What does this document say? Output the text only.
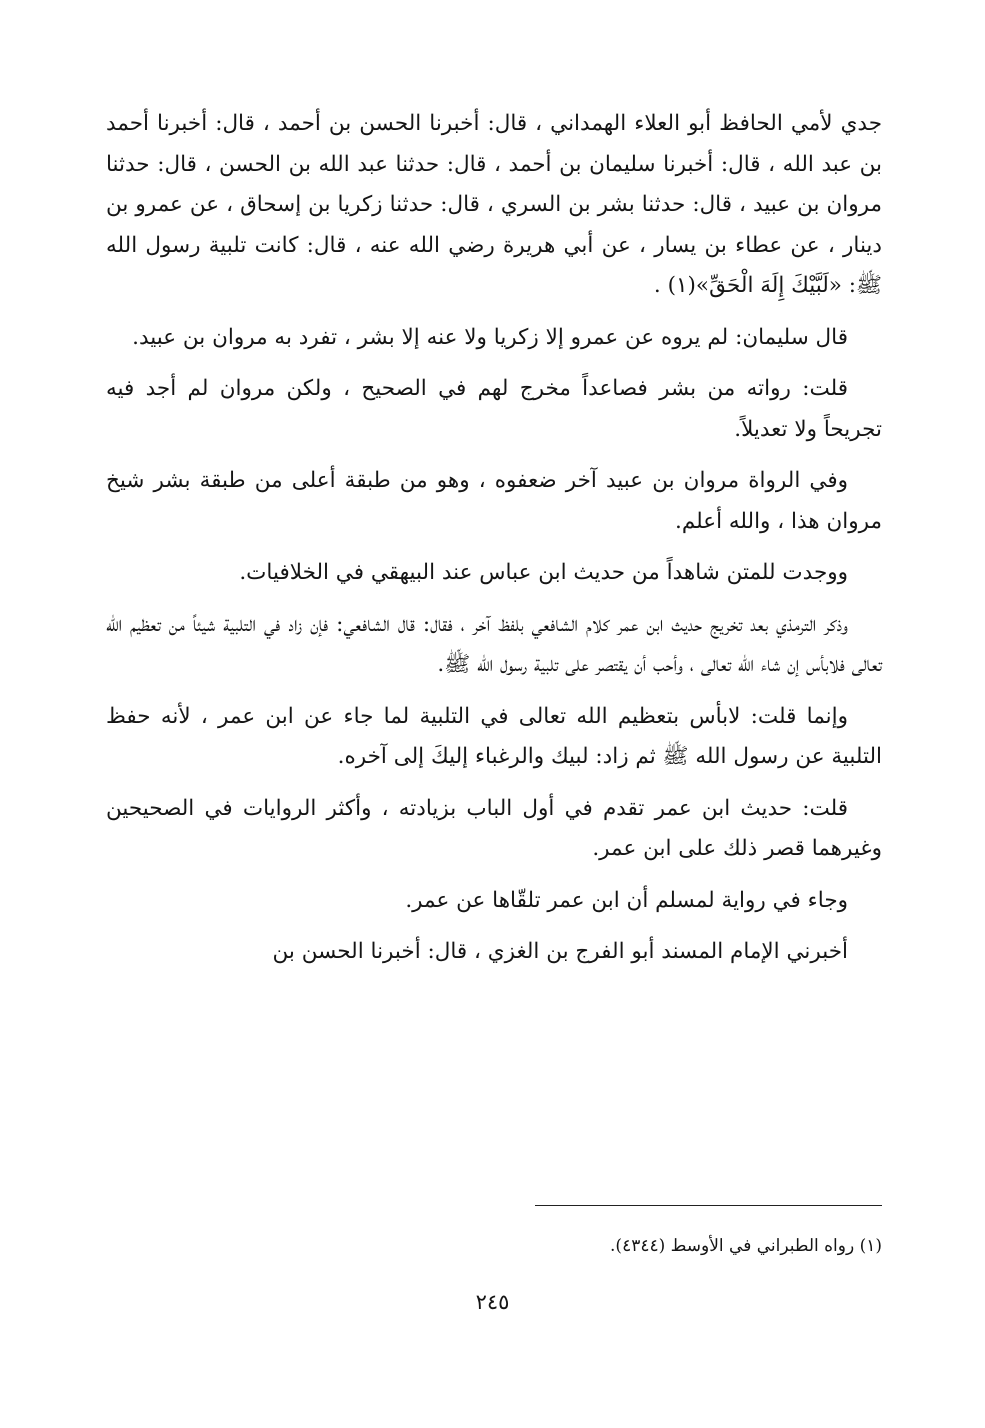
جدي لأمي الحافظ أبو العلاء الهمداني ، قال: أخبرنا الحسن بن أحمد ، قال: أخبرنا أحمد بن عبد الله ، قال: أخبرنا سليمان بن أحمد ، قال: حدثنا عبد الله بن الحسن ، قال: حدثنا مروان بن عبيد ، قال: حدثنا بشر بن السري ، قال: حدثنا زكريا بن إسحاق ، عن عمرو بن دينار ، عن عطاء بن يسار ، عن أبي هريرة رضي الله عنه ، قال: كانت تلبية رسول الله ﷺ: «لَبَّيْكَ إِلَهَ الْحَقِّ»(١) .

قال سليمان: لم يروه عن عمرو إلا زكريا ولا عنه إلا بشر ، تفرد به مروان بن عبيد.

قلت: رواته من بشر فصاعداً مخرج لهم في الصحيح ، ولكن مروان لم أجد فيه تجريحاً ولا تعديلاً.

وفي الرواة مروان بن عبيد آخر ضعفوه ، وهو من طبقة أعلى من طبقة بشر شيخ مروان هذا ، والله أعلم.

ووجدت للمتن شاهداً من حديث ابن عباس عند البيهقي في الخلافيات.

وذكر الترمذي بعد تخريج حديث ابن عمر كلام الشافعي بلفظ آخر ، فقال: قال الشافعي: فإن زاد في التلبية شيئاً من تعظيم الله تعالى فلابأس إن شاء الله تعالى ، وأحب أن يقتصر على تلبية رسول الله ﷺ.

وإنما قلت: لابأس بتعظيم الله تعالى في التلبية لما جاء عن ابن عمر ، لأنه حفظ التلبية عن رسول الله ﷺ ثم زاد: لبيك والرغباء إليكَ إلى آخره.

قلت: حديث ابن عمر تقدم في أول الباب بزيادته ، وأكثر الروايات في الصحيحين وغيرهما قصر ذلك على ابن عمر.

وجاء في رواية لمسلم أن ابن عمر تلقّاها عن عمر.

أخبرني الإمام المسند أبو الفرج بن الغزي ، قال: أخبرنا الحسن بن

(١) رواه الطبراني في الأوسط (٤٣٤٤).
٢٤٥
